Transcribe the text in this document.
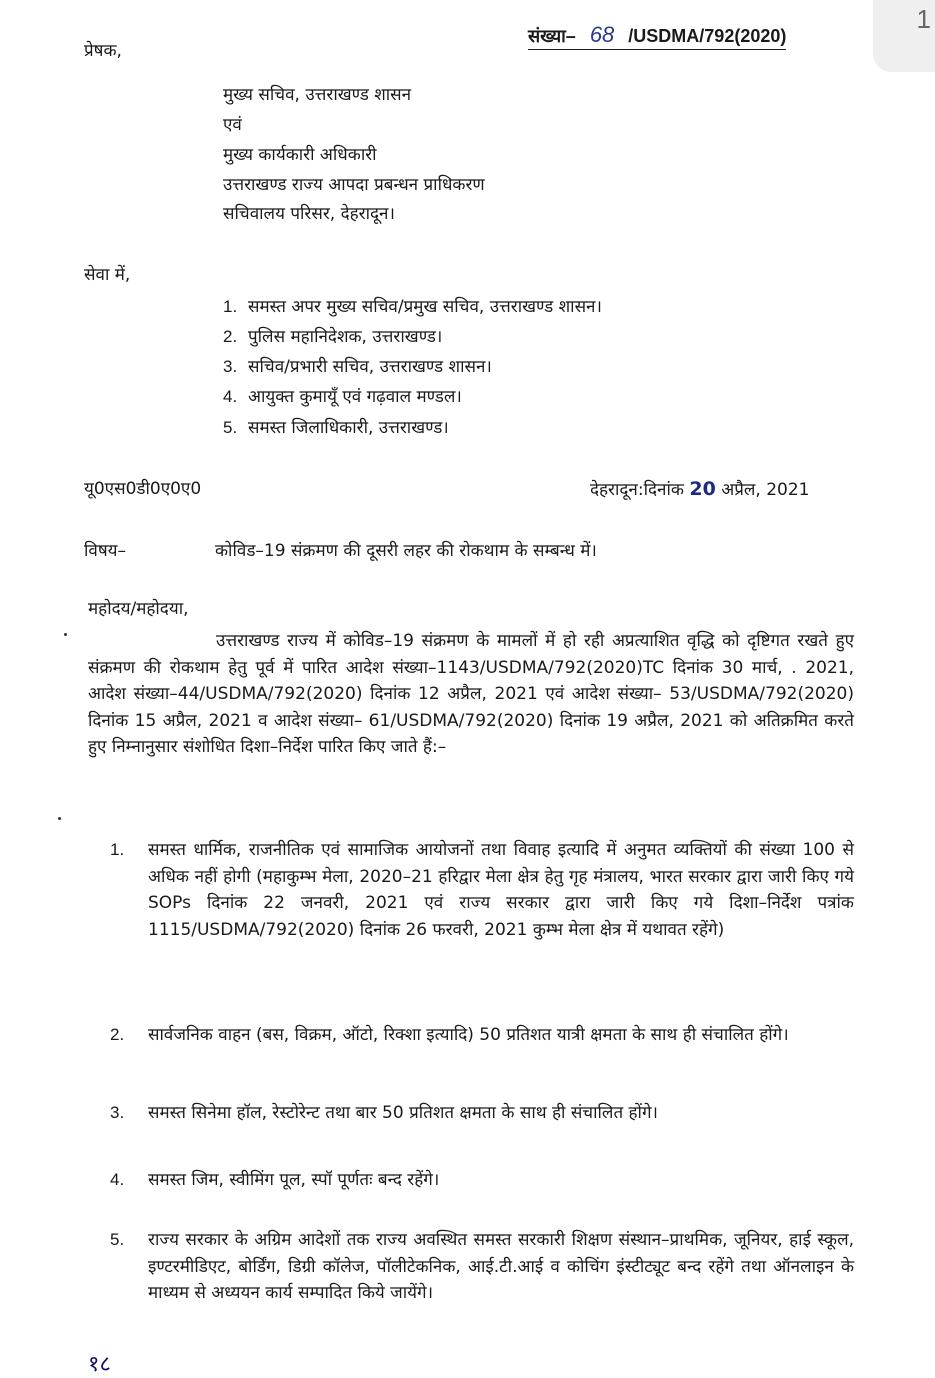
1
संख्या– 68 /USDMA/792(2020)
प्रेषक,
मुख्य सचिव, उत्तराखण्ड शासन
एवं
मुख्य कार्यकारी अधिकारी
उत्तराखण्ड राज्य आपदा प्रबन्धन प्राधिकरण
सचिवालय परिसर, देहरादून।
सेवा में,
1. समस्त अपर मुख्य सचिव/प्रमुख सचिव, उत्तराखण्ड शासन।
2. पुलिस महानिदेशक, उत्तराखण्ड।
3. सचिव/प्रभारी सचिव, उत्तराखण्ड शासन।
4. आयुक्त कुमायूँ एवं गढ़वाल मण्डल।
5. समस्त जिलाधिकारी, उत्तराखण्ड।
यू0एस0डी0ए0ए0	देहरादून:दिनांक 20 अप्रैल, 2021
विषय–	कोविड–19 संक्रमण की दूसरी लहर की रोकथाम के सम्बन्ध में।
महोदय/महोदया,
उत्तराखण्ड राज्य में कोविड–19 संक्रमण के मामलों में हो रही अप्रत्याशित वृद्धि को दृष्टिगत रखते हुए संक्रमण की रोकथाम हेतु पूर्व में पारित आदेश संख्या–1143/USDMA/792(2020)TC दिनांक 30 मार्च, . 2021, आदेश संख्या–44/USDMA/792(2020) दिनांक 12 अप्रैल, 2021 एवं आदेश संख्या– 53/USDMA/792(2020) दिनांक 15 अप्रैल, 2021 व आदेश संख्या– 61/USDMA/792(2020) दिनांक 19 अप्रैल, 2021 को अतिक्रमित करते हुए निम्नानुसार संशोधित दिशा–निर्देश पारित किए जाते हैं:–
1.	समस्त धार्मिक, राजनीतिक एवं सामाजिक आयोजनों तथा विवाह इत्यादि में अनुमत व्यक्तियों की संख्या 100 से अधिक नहीं होगी (महाकुम्भ मेला, 2020–21 हरिद्वार मेला क्षेत्र हेतु गृह मंत्रालय, भारत सरकार द्वारा जारी किए गये SOPs दिनांक 22 जनवरी, 2021 एवं राज्य सरकार द्वारा जारी किए गये दिशा–निर्देश पत्रांक 1115/USDMA/792(2020) दिनांक 26 फरवरी, 2021 कुम्भ मेला क्षेत्र में यथावत रहेंगे)
2.	सार्वजनिक वाहन (बस, विक्रम, ऑटो, रिक्शा इत्यादि) 50 प्रतिशत यात्री क्षमता के साथ ही संचालित होंगे।
3.	समस्त सिनेमा हॉल, रेस्टोरेन्ट तथा बार 50 प्रतिशत क्षमता के साथ ही संचालित होंगे।
4.	समस्त जिम, स्वीमिंग पूल, स्पॉ पूर्णतः बन्द रहेंगे।
5.	राज्य सरकार के अग्रिम आदेशों तक राज्य अवस्थित समस्त सरकारी शिक्षण संस्थान–प्राथमिक, जूनियर, हाई स्कूल, इण्टरमीडिएट, बोर्डिंग, डिग्री कॉलेज, पॉलीटेकनिक, आई.टी.आई व कोचिंग इंस्टीट्यूट बन्द रहेंगे तथा ऑनलाइन के माध्यम से अध्ययन कार्य सम्पादित किये जायेंगे।
१८
